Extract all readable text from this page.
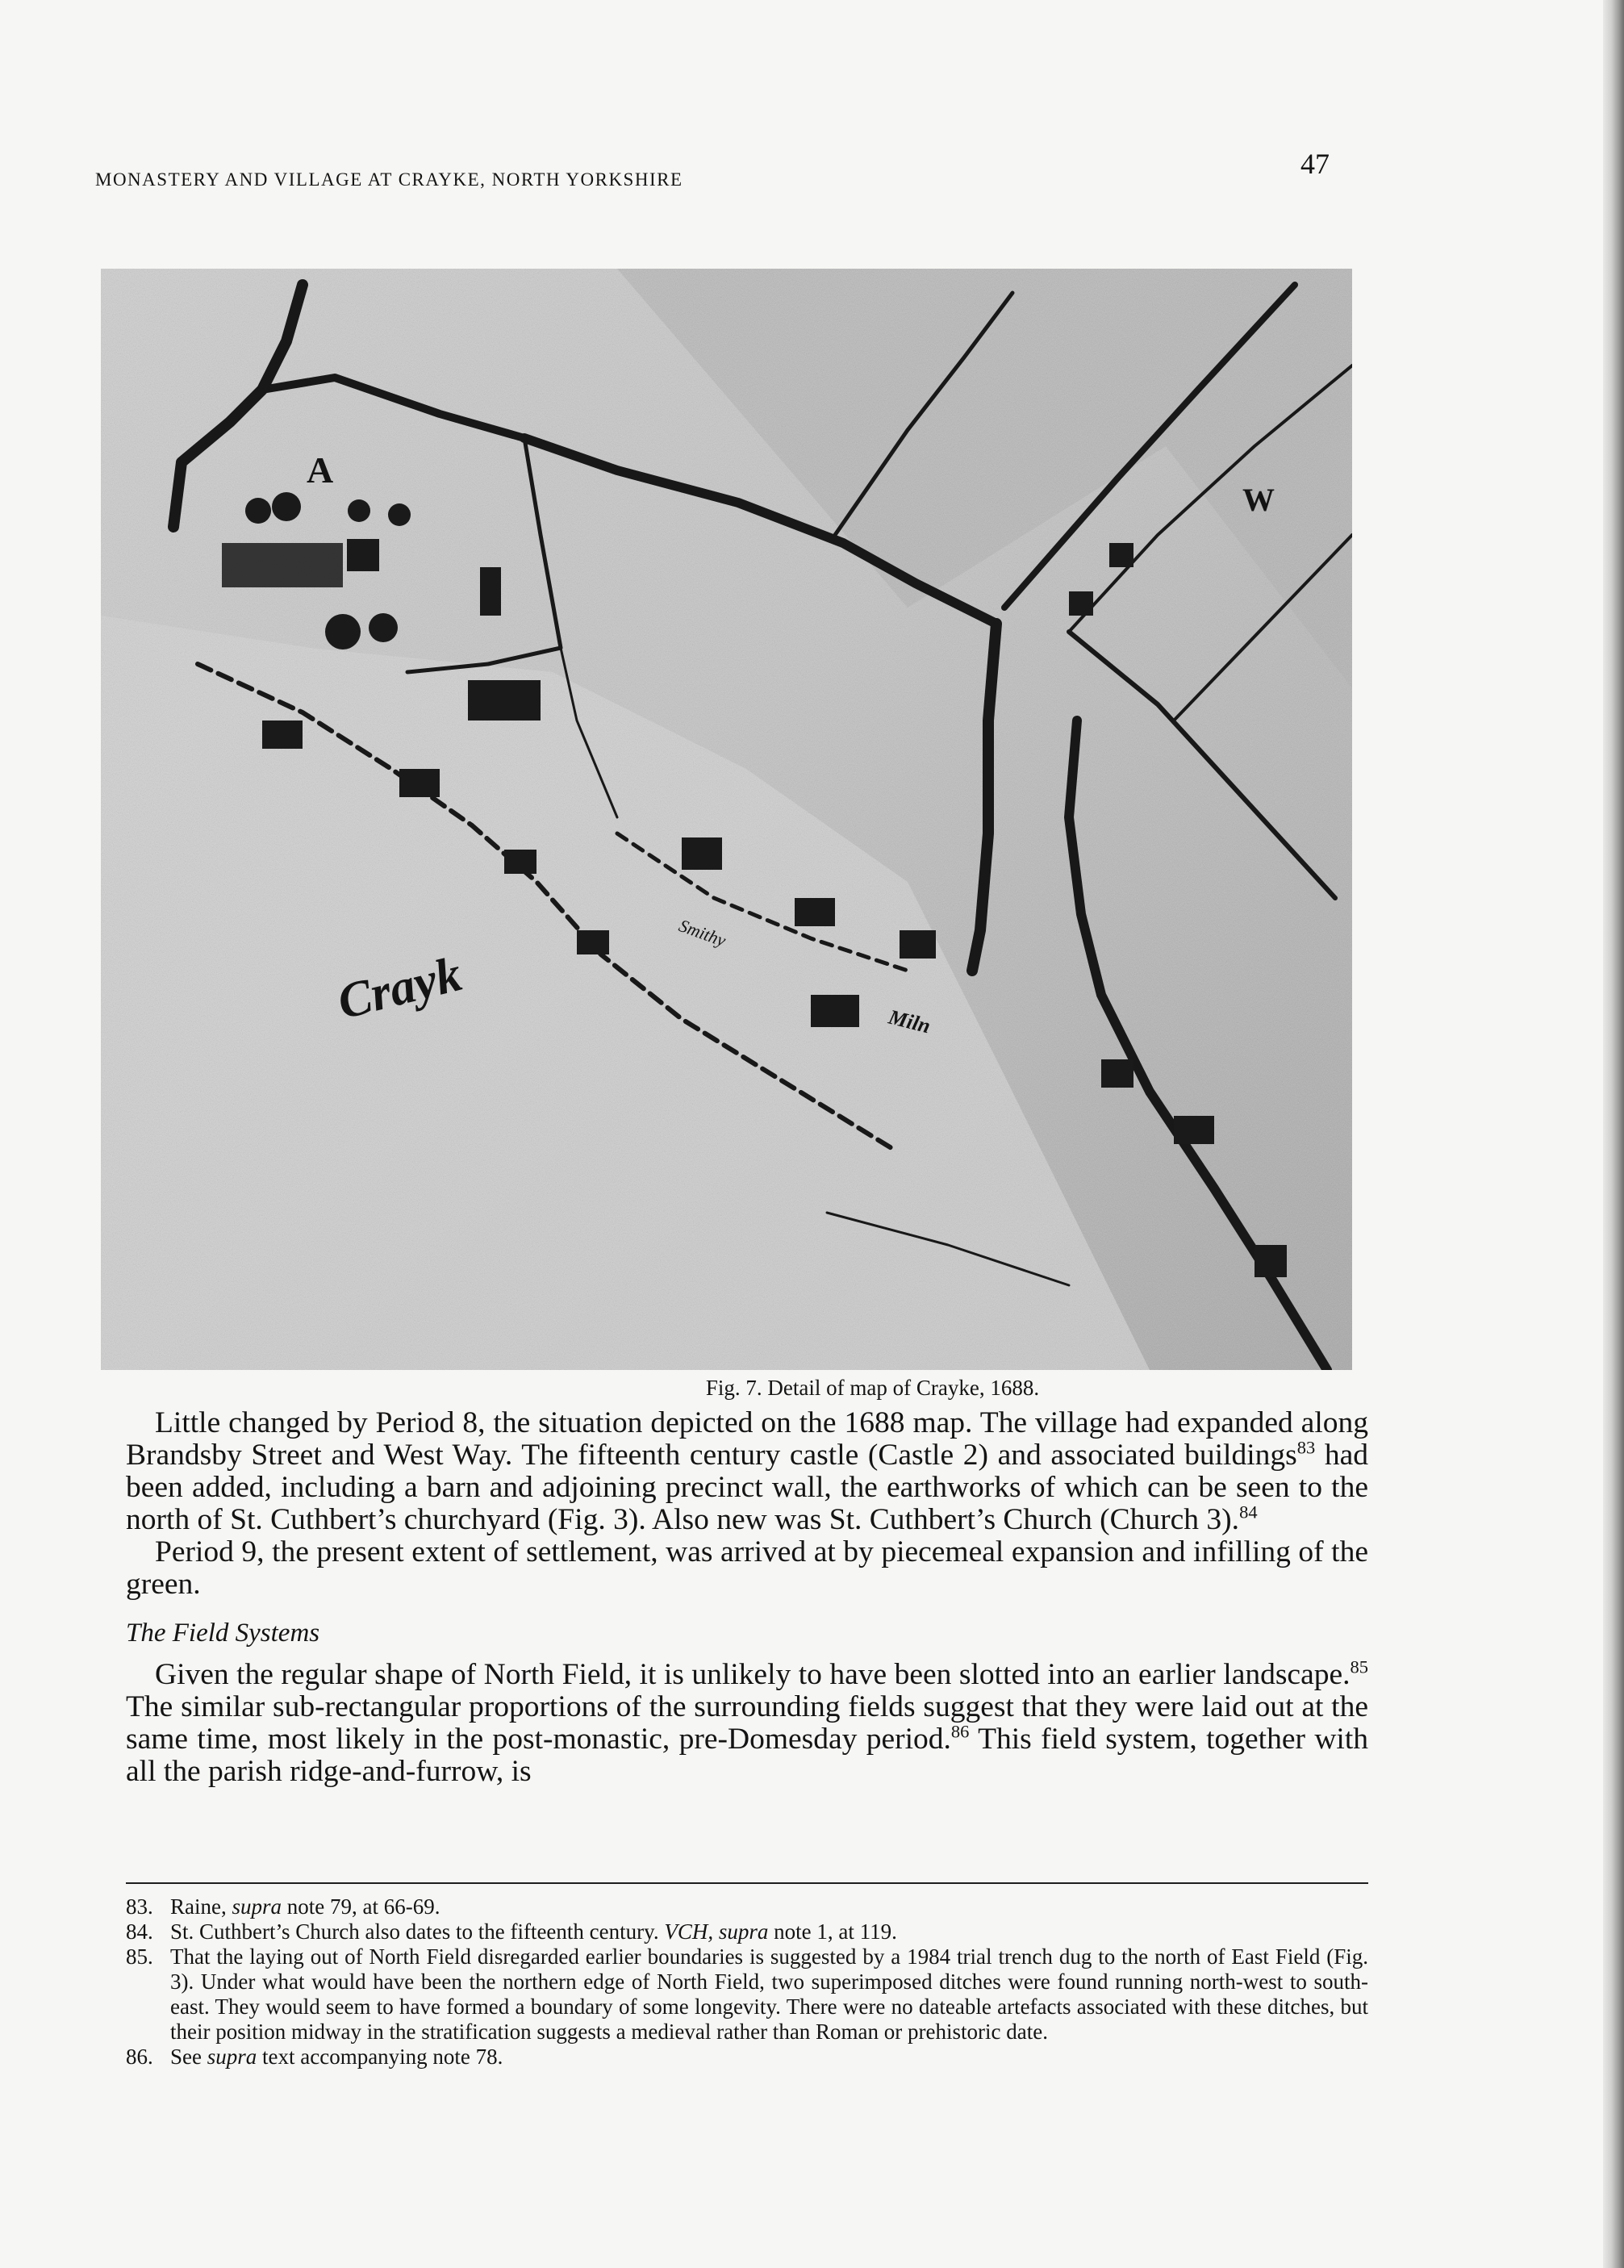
MONASTERY AND VILLAGE AT CRAYKE, NORTH YORKSHIRE	47
A
W
Crayk
Smithy
Miln
Fig. 7. Detail of map of Crayke, 1688.

Little changed by Period 8, the situation depicted on the 1688 map. The village had expanded along Brandsby Street and West Way. The fifteenth century castle (Castle 2) and associated buildings$^{83}$ had been added, including a barn and adjoining precinct wall, the earthworks of which can be seen to the north of St. Cuthbert’s churchyard (Fig. 3). Also new was St. Cuthbert’s Church (Church 3).$^{84}$

Period 9, the present extent of settlement, was arrived at by piecemeal expansion and infilling of the green.

The Field Systems

Given the regular shape of North Field, it is unlikely to have been slotted into an earlier landscape.$^{85}$ The similar sub-rectangular proportions of the surrounding fields suggest that they were laid out at the same time, most likely in the post-monastic, pre-Domesday period.$^{86}$ This field system, together with all the parish ridge-and-furrow, is

83. Raine, supra note 79, at 66-69.
84. St. Cuthbert’s Church also dates to the fifteenth century. VCH, supra note 1, at 119.
85. That the laying out of North Field disregarded earlier boundaries is suggested by a 1984 trial trench dug to the north of East Field (Fig. 3). Under what would have been the northern edge of North Field, two superimposed ditches were found running north-west to south-east. They would seem to have formed a boundary of some longevity. There were no dateable artefacts associated with these ditches, but their position midway in the stratification suggests a medieval rather than Roman or prehistoric date.
86. See supra text accompanying note 78.
